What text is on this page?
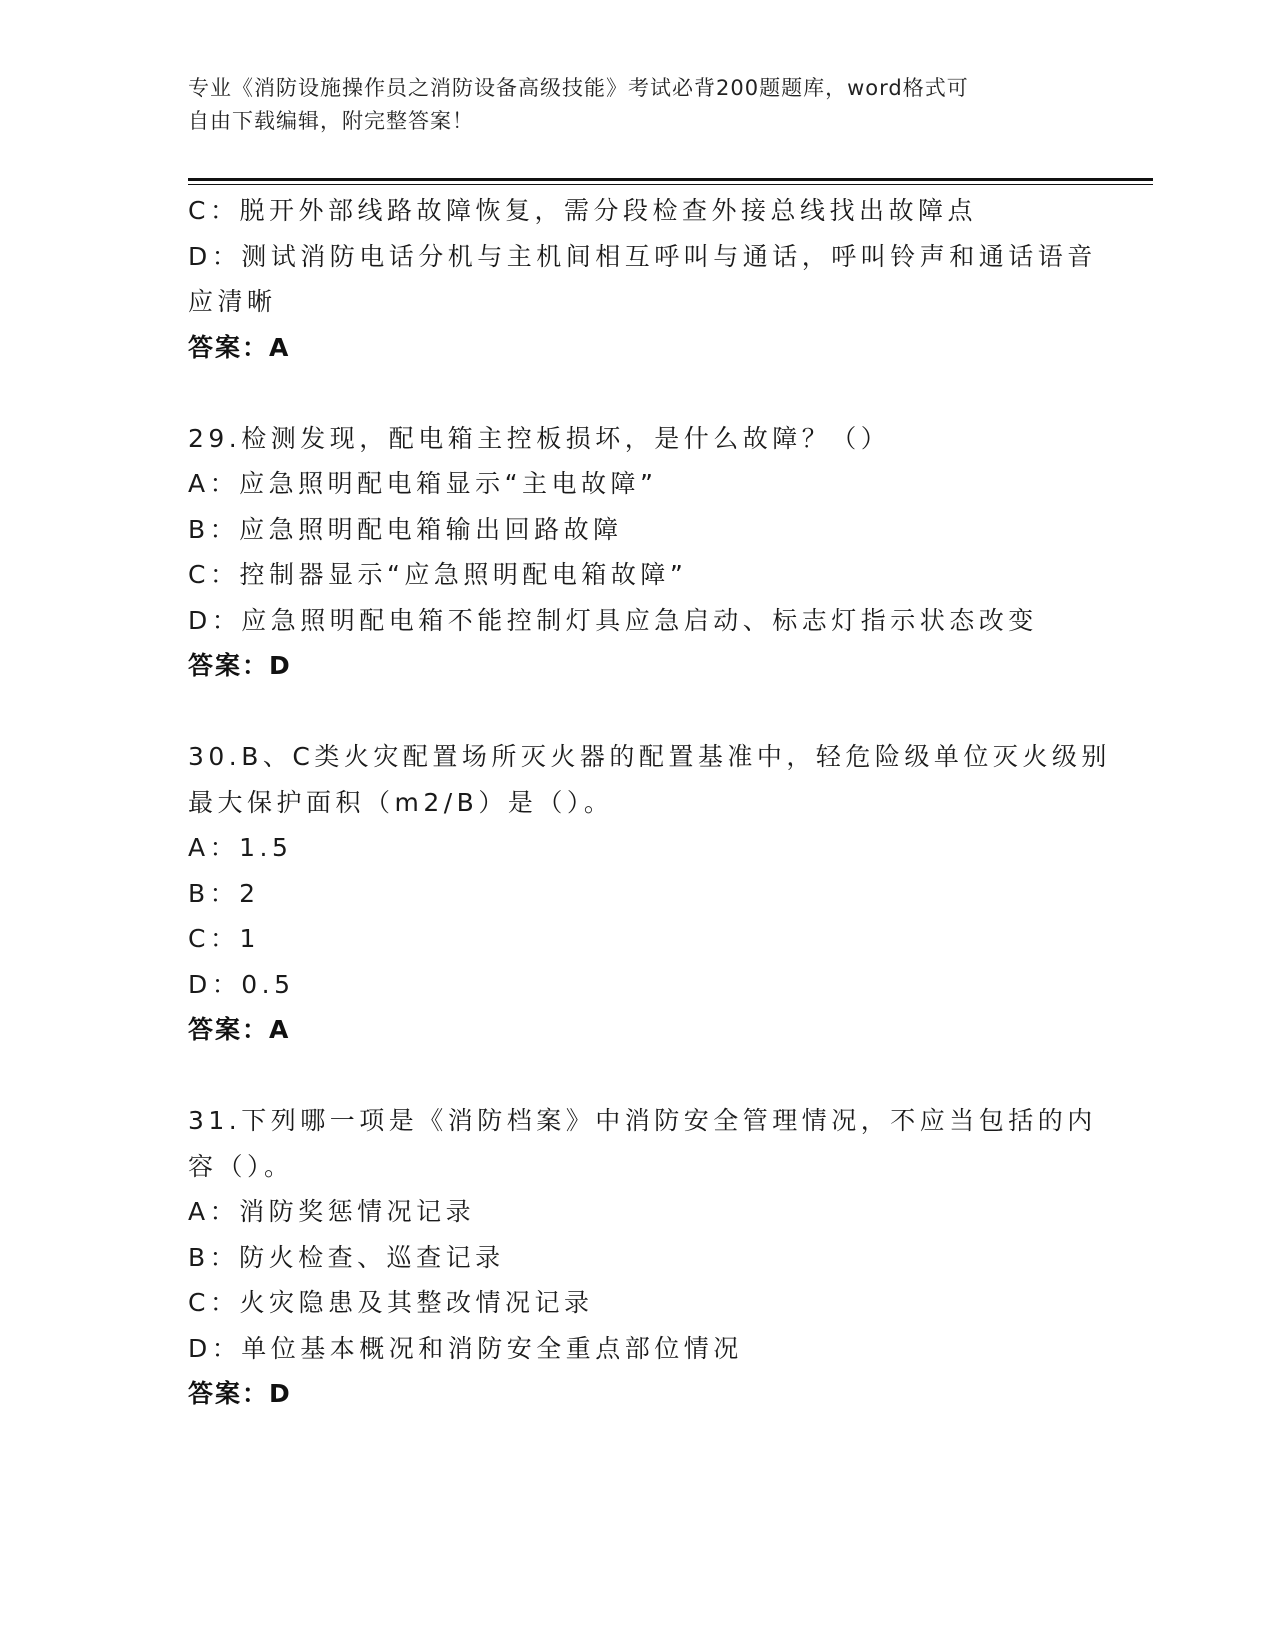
专业《消防设施操作员之消防设备高级技能》考试必背200题题库，word格式可
自由下载编辑，附完整答案！
C：脱开外部线路故障恢复，需分段检查外接总线找出故障点
D：测试消防电话分机与主机间相互呼叫与通话，呼叫铃声和通话语音
应清晰
答案：A
29.检测发现，配电箱主控板损坏，是什么故障？（）
A：应急照明配电箱显示“主电故障”
B：应急照明配电箱输出回路故障
C：控制器显示“应急照明配电箱故障”
D：应急照明配电箱不能控制灯具应急启动、标志灯指示状态改变
答案：D
30.B、C类火灾配置场所灭火器的配置基准中，轻危险级单位灭火级别
最大保护面积（m2/B）是（）。
A：1.5
B：2
C：1
D：0.5
答案：A
31.下列哪一项是《消防档案》中消防安全管理情况，不应当包括的内
容（）。
A：消防奖惩情况记录
B：防火检查、巡查记录
C：火灾隐患及其整改情况记录
D：单位基本概况和消防安全重点部位情况
答案：D
